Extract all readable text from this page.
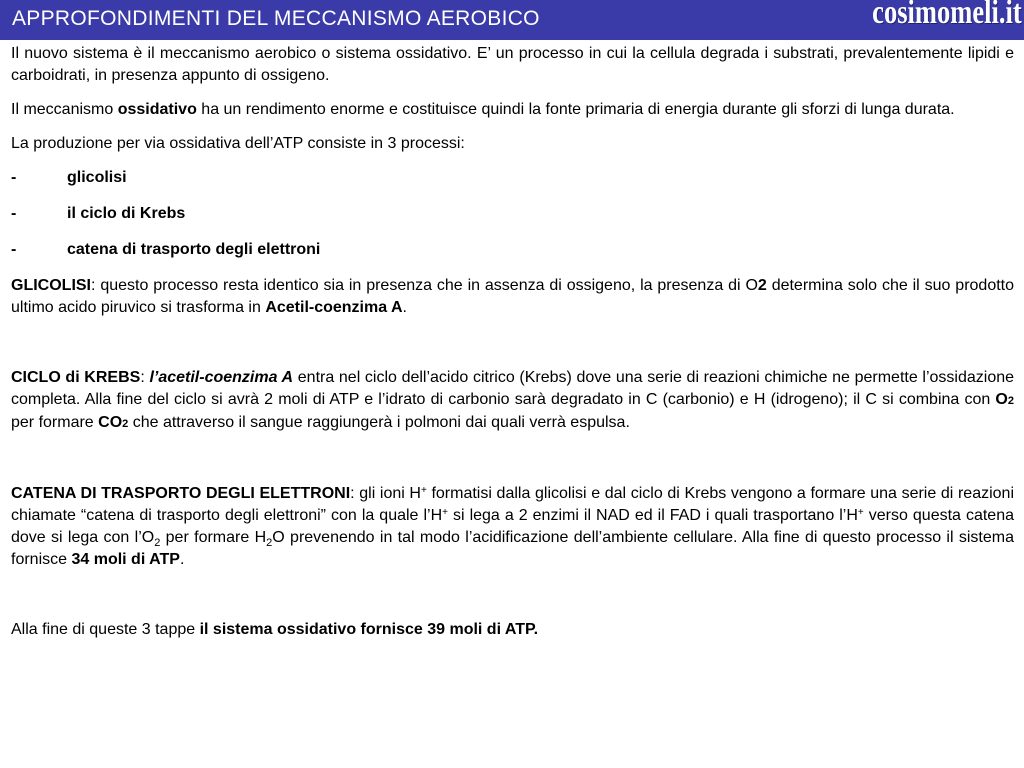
APPROFONDIMENTI DEL MECCANISMO AEROBICO	cosimomeli.it

Il nuovo sistema è il meccanismo aerobico o sistema ossidativo. E’ un processo in cui la cellula degrada i substrati, prevalentemente lipidi e carboidrati, in presenza appunto di ossigeno.

Il meccanismo ossidativo ha un rendimento enorme e costituisce quindi la fonte primaria di energia durante gli sforzi di lunga durata.

La produzione per via ossidativa dell’ATP consiste in 3 processi:

-	glicolisi
-	il ciclo di Krebs
-	catena di trasporto degli elettroni

GLICOLISI: questo processo resta identico sia in presenza che in assenza di ossigeno, la presenza di O2 determina solo che il suo prodotto ultimo acido piruvico si trasforma in Acetil-coenzima A.

CICLO di KREBS: l’acetil-coenzima A entra nel ciclo dell’acido citrico (Krebs) dove una serie di reazioni chimiche ne permette l’ossidazione completa. Alla fine del ciclo si avrà 2 moli di ATP e l’idrato di carbonio sarà degradato in C (carbonio) e H (idrogeno); il C si combina con O2 per formare CO2 che attraverso il sangue raggiungerà i polmoni dai quali verrà espulsa.

CATENA DI TRASPORTO DEGLI ELETTRONI: gli ioni H+ formatisi dalla glicolisi e dal ciclo di Krebs vengono a formare una serie di reazioni chiamate “catena di trasporto degli elettroni” con la quale l’H+ si lega a 2 enzimi il NAD ed il FAD i quali trasportano l’H+ verso questa catena dove si lega con $l’O_2$ per formare $H_2O$ prevenendo in tal modo l’acidificazione dell’ambiente cellulare. Alla fine di questo processo il sistema fornisce 34 moli di ATP.

Alla fine di queste 3 tappe il sistema ossidativo fornisce 39 moli di ATP.
